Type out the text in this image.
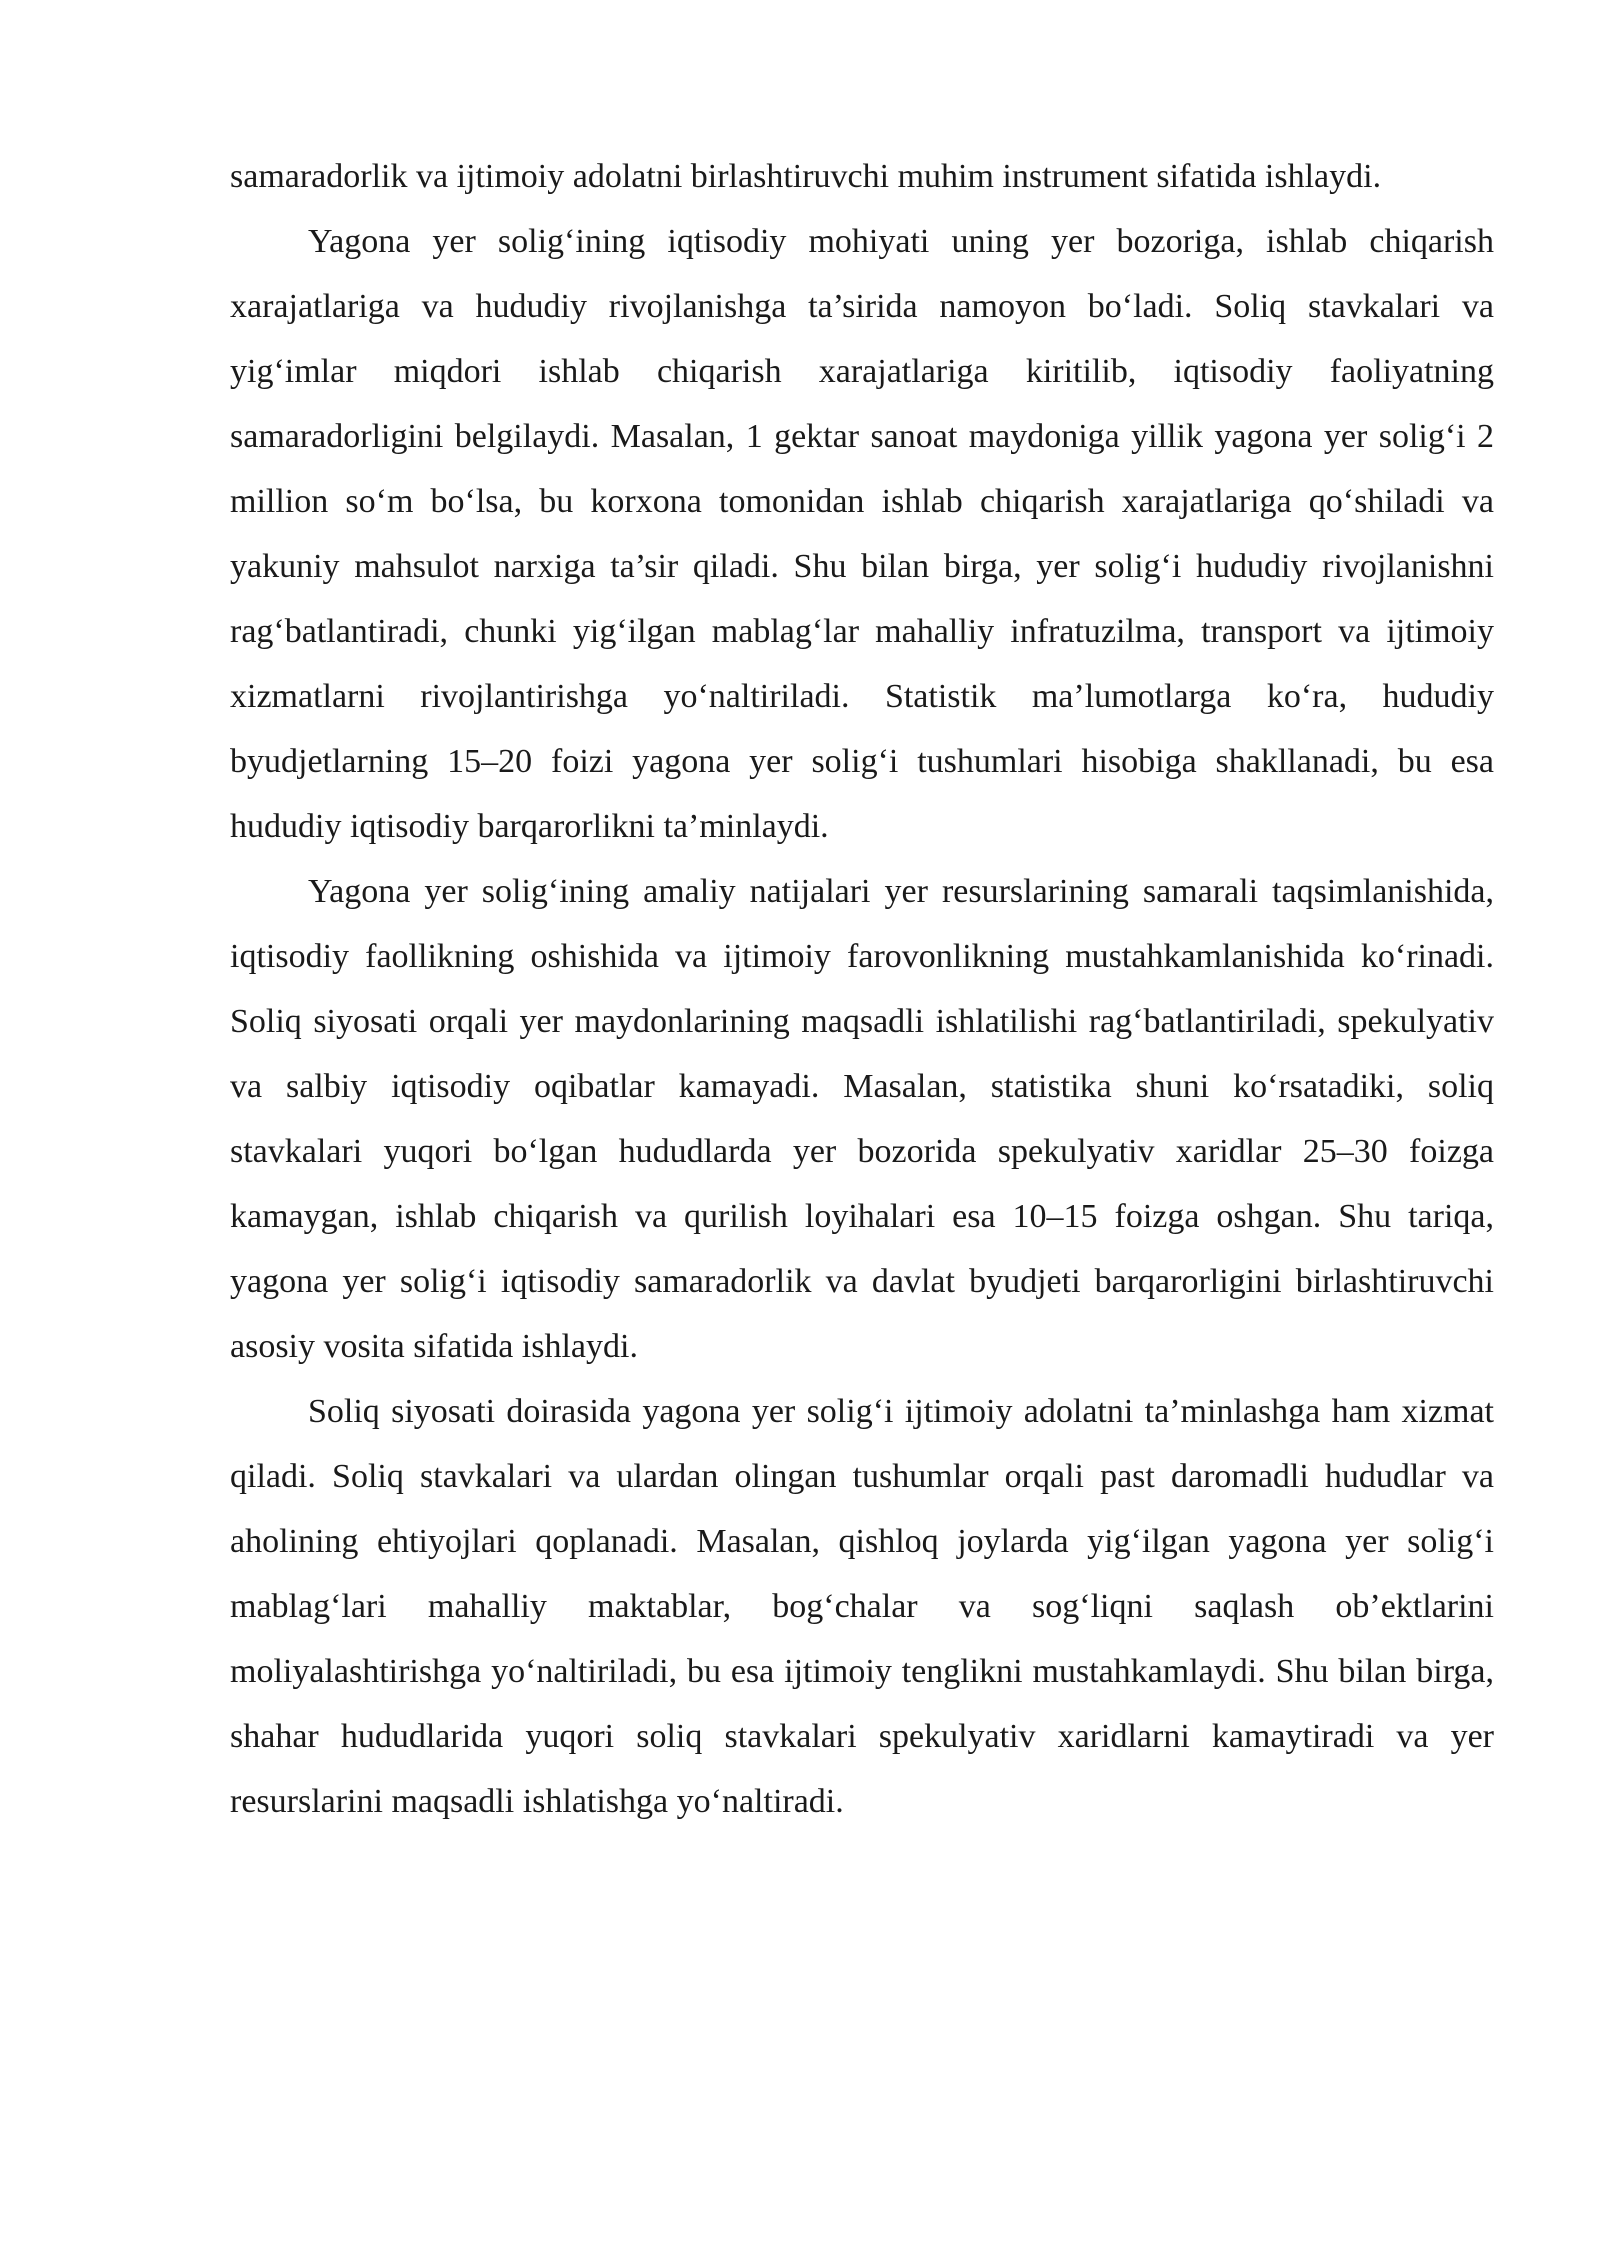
samaradorlik va ijtimoiy adolatni birlashtiruvchi muhim instrument sifatida ishlaydi.

Yagona yer solig‘ining iqtisodiy mohiyati uning yer bozoriga, ishlab chiqarish xarajatlariga va hududiy rivojlanishga ta’sirida namoyon bo‘ladi. Soliq stavkalari va yig‘imlar miqdori ishlab chiqarish xarajatlariga kiritilib, iqtisodiy faoliyatning samaradorligini belgilaydi. Masalan, 1 gektar sanoat maydoniga yillik yagona yer solig‘i 2 million so‘m bo‘lsa, bu korxona tomonidan ishlab chiqarish xarajatlariga qo‘shiladi va yakuniy mahsulot narxiga ta’sir qiladi. Shu bilan birga, yer solig‘i hududiy rivojlanishni rag‘batlantiradi, chunki yig‘ilgan mablag‘lar mahalliy infratuzilma, transport va ijtimoiy xizmatlarni rivojlantirishga yo‘naltiriladi. Statistik ma’lumotlarga ko‘ra, hududiy byudjetlarning 15–20 foizi yagona yer solig‘i tushumlari hisobiga shakllanadi, bu esa hududiy iqtisodiy barqarorlikni ta’minlaydi.

Yagona yer solig‘ining amaliy natijalari yer resurslarining samarali taqsimlanishida, iqtisodiy faollikning oshishida va ijtimoiy farovonlikning mustahkamlanishida ko‘rinadi. Soliq siyosati orqali yer maydonlarining maqsadli ishlatilishi rag‘batlantiriladi, spekulyativ va salbiy iqtisodiy oqibatlar kamayadi. Masalan, statistika shuni ko‘rsatadiki, soliq stavkalari yuqori bo‘lgan hududlarda yer bozorida spekulyativ xaridlar 25–30 foizga kamaygan, ishlab chiqarish va qurilish loyihalari esa 10–15 foizga oshgan. Shu tariqa, yagona yer solig‘i iqtisodiy samaradorlik va davlat byudjeti barqarorligini birlashtiruvchi asosiy vosita sifatida ishlaydi.

Soliq siyosati doirasida yagona yer solig‘i ijtimoiy adolatni ta’minlashga ham xizmat qiladi. Soliq stavkalari va ulardan olingan tushumlar orqali past daromadli hududlar va aholining ehtiyojlari qoplanadi. Masalan, qishloq joylarda yig‘ilgan yagona yer solig‘i mablag‘lari mahalliy maktablar, bog‘chalar va sog‘liqni saqlash ob’ektlarini moliyalashtirishga yo‘naltiriladi, bu esa ijtimoiy tenglikni mustahkamlaydi. Shu bilan birga, shahar hududlarida yuqori soliq stavkalari spekulyativ xaridlarni kamaytiradi va yer resurslarini maqsadli ishlatishga yo‘naltiradi.
